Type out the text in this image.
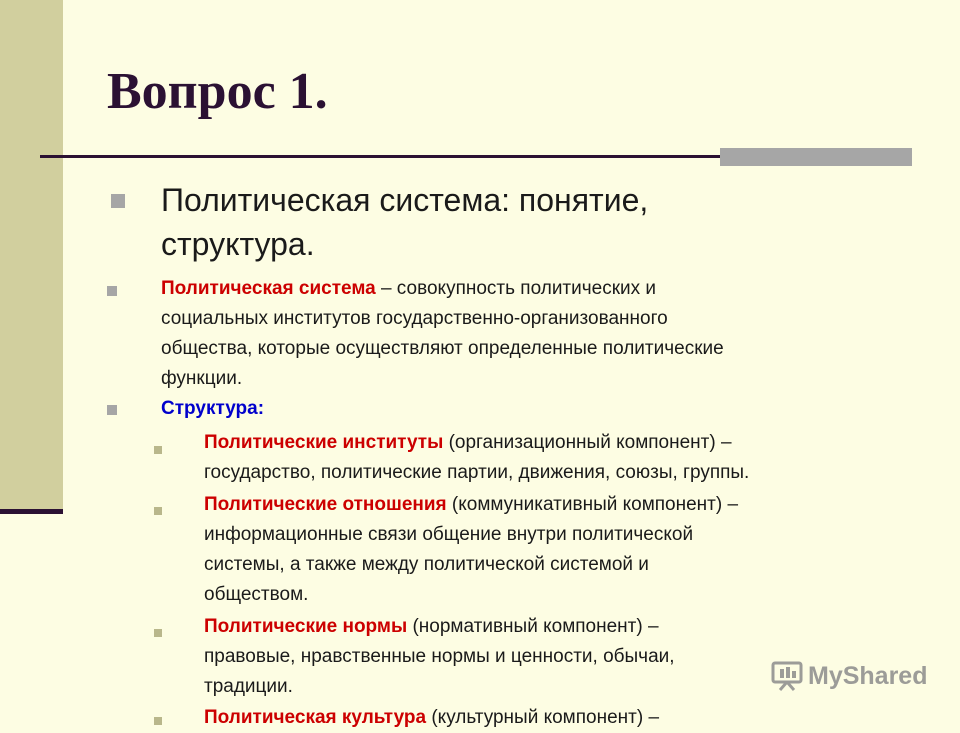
Вопрос 1.
Политическая система: понятие,
структура.
Политическая система – совокупность политических и
социальных институтов государственно-организованного
общества, которые осуществляют определенные политические
функции.
Структура:
Политические институты (организационный компонент) –
государство, политические партии, движения, союзы, группы.
Политические отношения (коммуникативный компонент) –
информационные связи общение внутри политической
системы, а также между политической системой и
обществом.
Политические нормы (нормативный компонент) –
правовые, нравственные нормы и ценности, обычаи,
традиции.
Политическая культура (культурный компонент) –
MyShared
